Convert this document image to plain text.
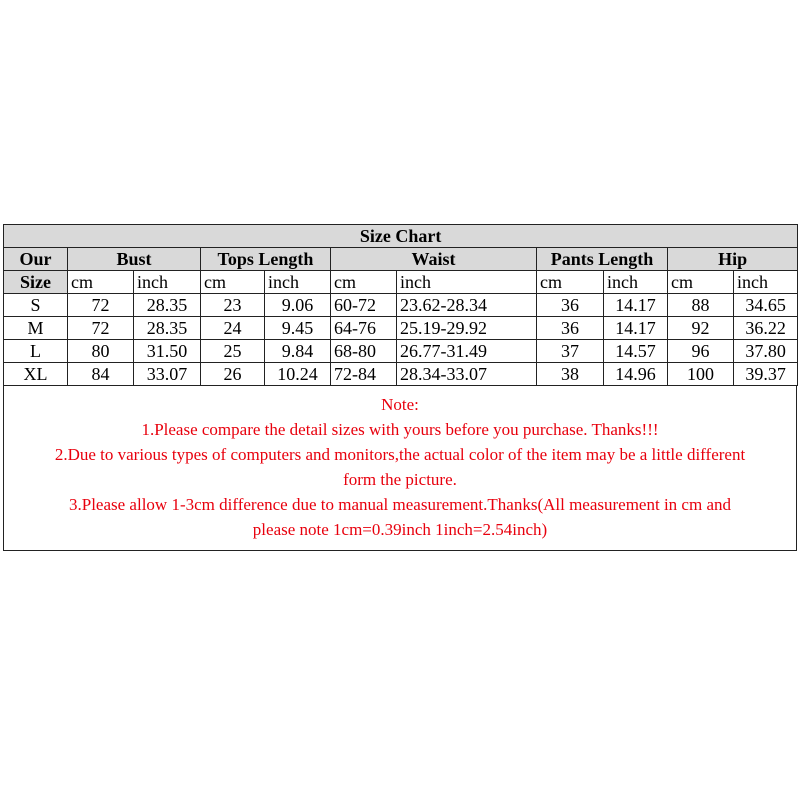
Size Chart										
Our	Bust		Tops Length		Waist		Pants Length		Hip	
Size	cm	inch	cm	inch	cm	inch	cm	inch	cm	inch
S	72	28.35	23	9.06	60-72	23.62-28.34	36	14.17	88	34.65
M	72	28.35	24	9.45	64-76	25.19-29.92	36	14.17	92	36.22
L	80	31.50	25	9.84	68-80	26.77-31.49	37	14.57	96	37.80
XL	84	33.07	26	10.24	72-84	28.34-33.07	38	14.96	100	39.37
Note:
1.Please compare the detail sizes with yours before you purchase. Thanks!!!
2.Due to various types of computers and monitors,the actual color of the item may be a little different
form the picture.
3.Please allow 1-3cm difference due to manual measurement.Thanks(All measurement in cm and
please note 1cm=0.39inch 1inch=2.54inch)
